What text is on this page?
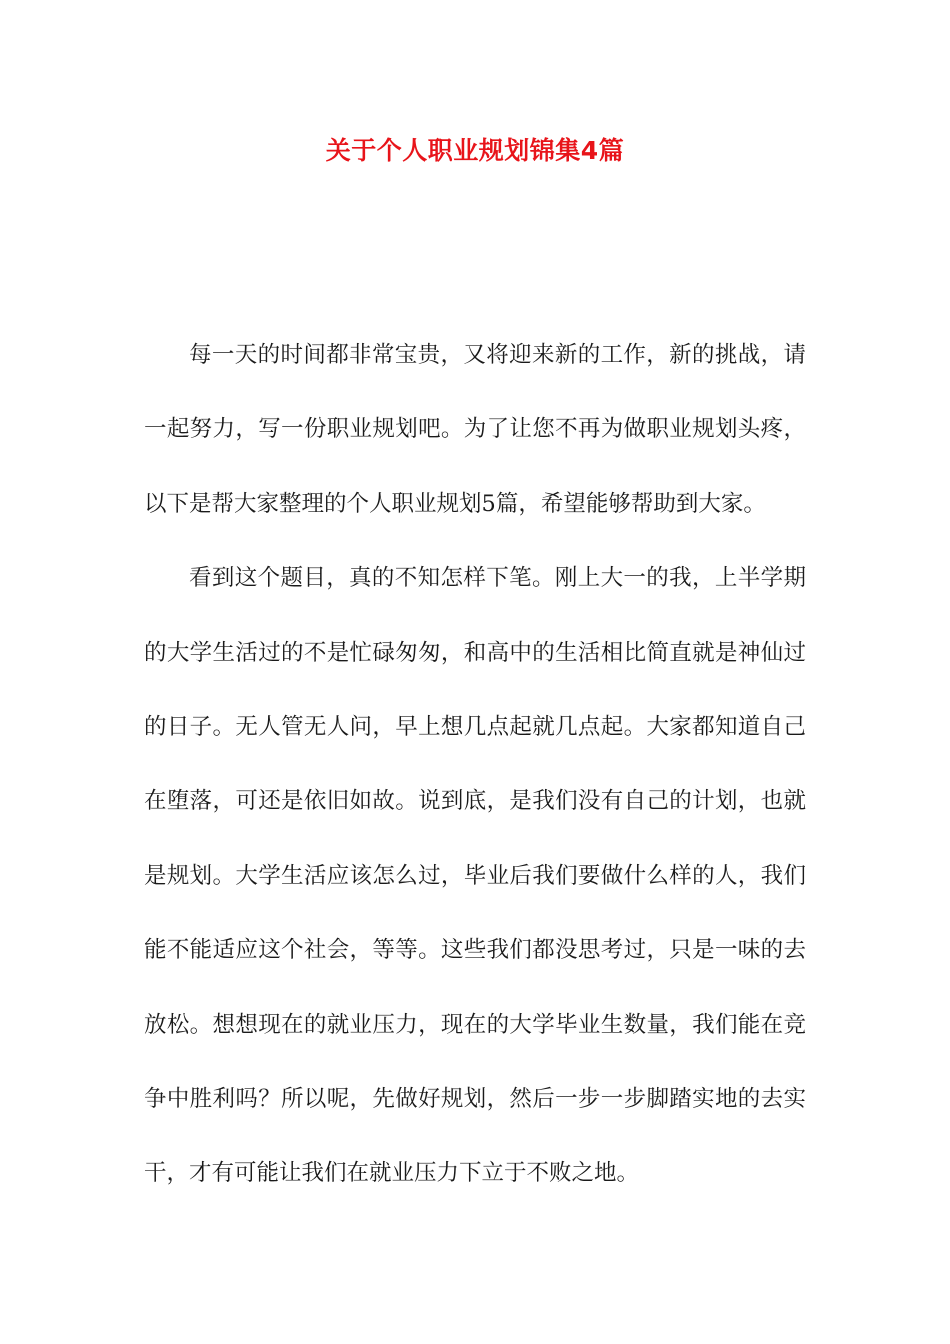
关于个人职业规划锦集4篇

每一天的时间都非常宝贵，又将迎来新的工作，新的挑战，请一起努力，写一份职业规划吧。为了让您不再为做职业规划头疼，以下是帮大家整理的个人职业规划5篇，希望能够帮助到大家。

看到这个题目，真的不知怎样下笔。刚上大一的我，上半学期的大学生活过的不是忙碌匆匆，和高中的生活相比简直就是神仙过的日子。无人管无人问，早上想几点起就几点起。大家都知道自己在堕落，可还是依旧如故。说到底，是我们没有自己的计划，也就是规划。大学生活应该怎么过，毕业后我们要做什么样的人，我们能不能适应这个社会，等等。这些我们都没思考过，只是一味的去放松。想想现在的就业压力，现在的大学毕业生数量，我们能在竞争中胜利吗？所以呢，先做好规划，然后一步一步脚踏实地的去实干，才有可能让我们在就业压力下立于不败之地。
